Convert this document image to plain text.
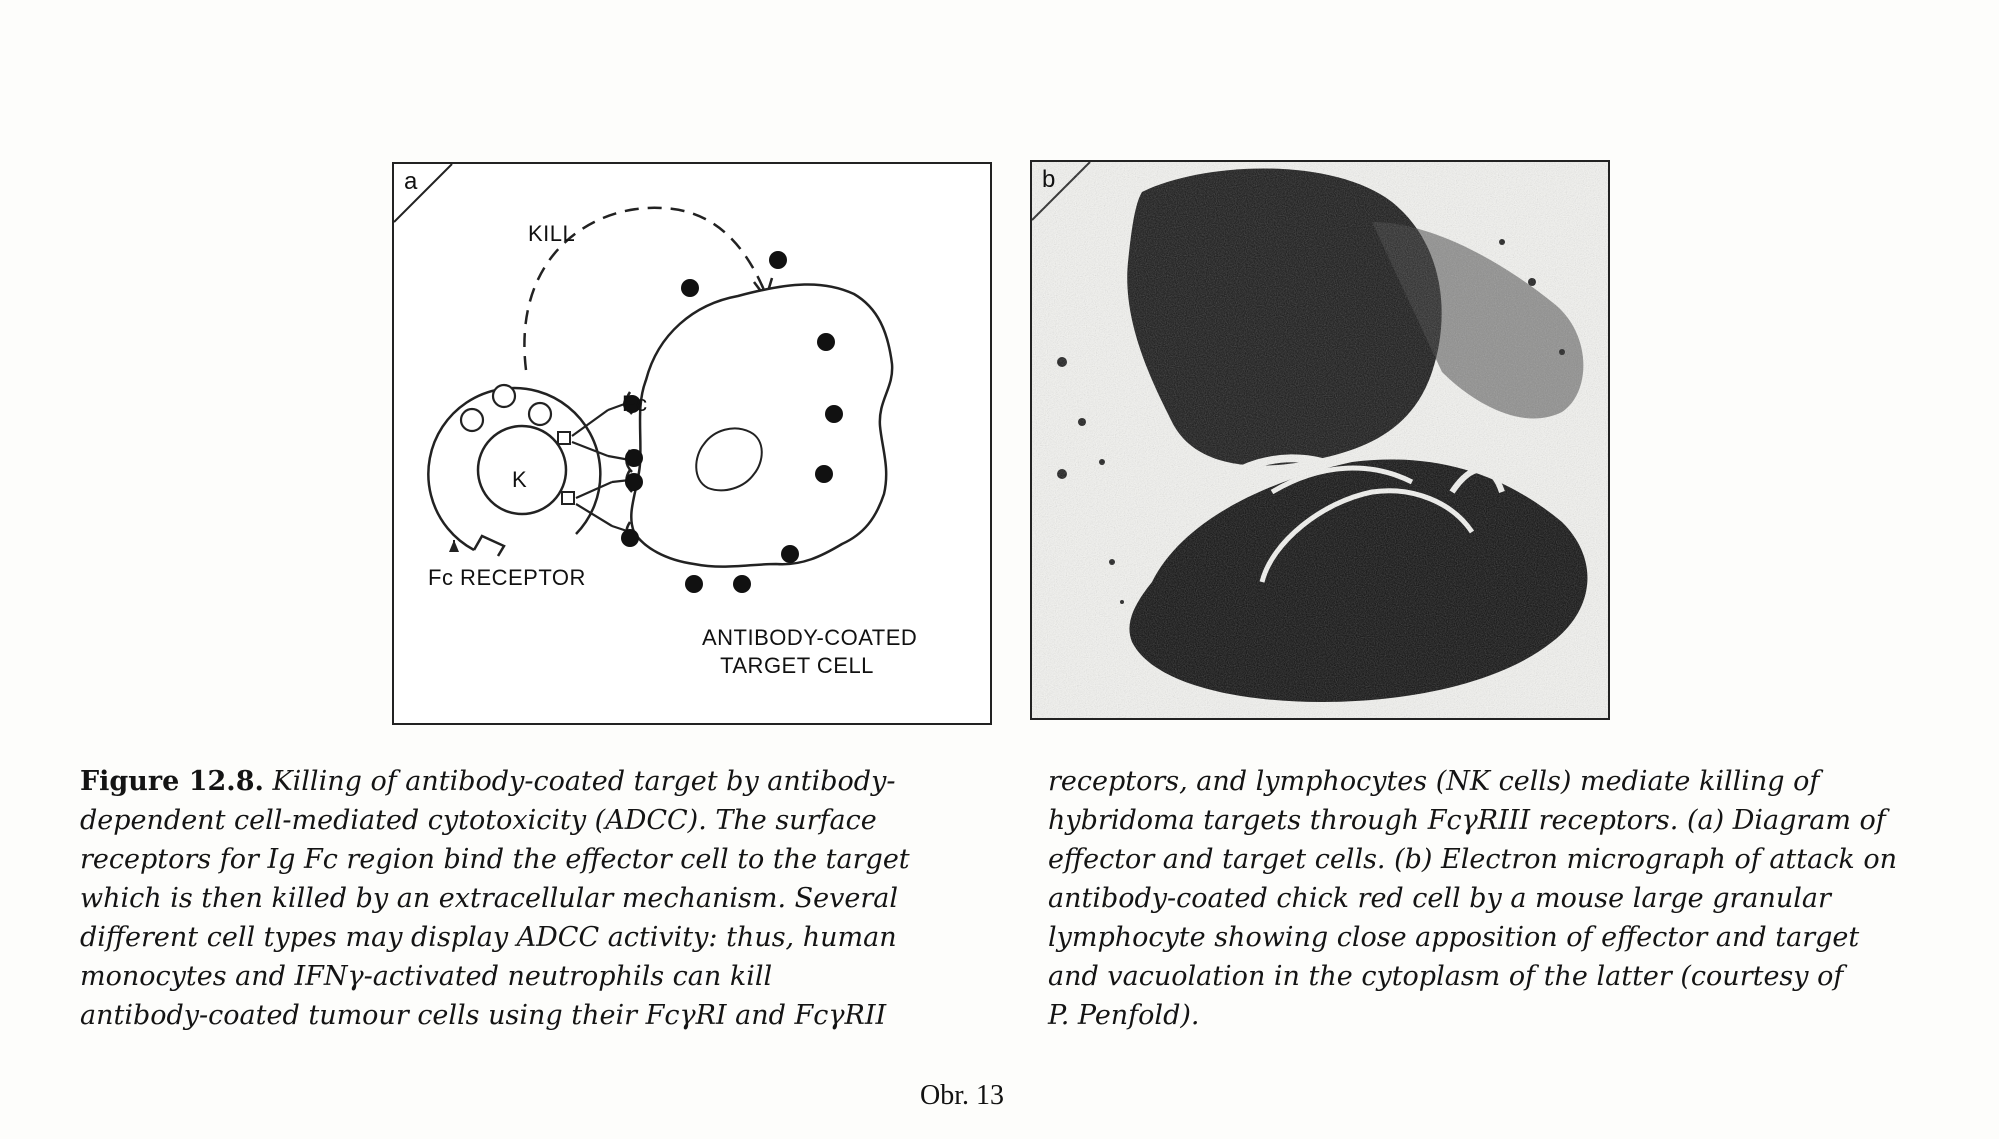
a
KILL
Fc
K
Fc RECEPTOR
ANTIBODY-COATED
TARGET CELL
b
Figure 12.8. Killing of antibody-coated target by antibody-
dependent cell-mediated cytotoxicity (ADCC). The surface
receptors for Ig Fc region bind the effector cell to the target
which is then killed by an extracellular mechanism. Several
different cell types may display ADCC activity: thus, human
monocytes and IFNγ-activated neutrophils can kill
antibody-coated tumour cells using their FcγRI and FcγRII
receptors, and lymphocytes (NK cells) mediate killing of
hybridoma targets through FcγRIII receptors. (a) Diagram of
effector and target cells. (b) Electron micrograph of attack on
antibody-coated chick red cell by a mouse large granular
lymphocyte showing close apposition of effector and target
and vacuolation in the cytoplasm of the latter (courtesy of
P. Penfold).
Obr. 13
